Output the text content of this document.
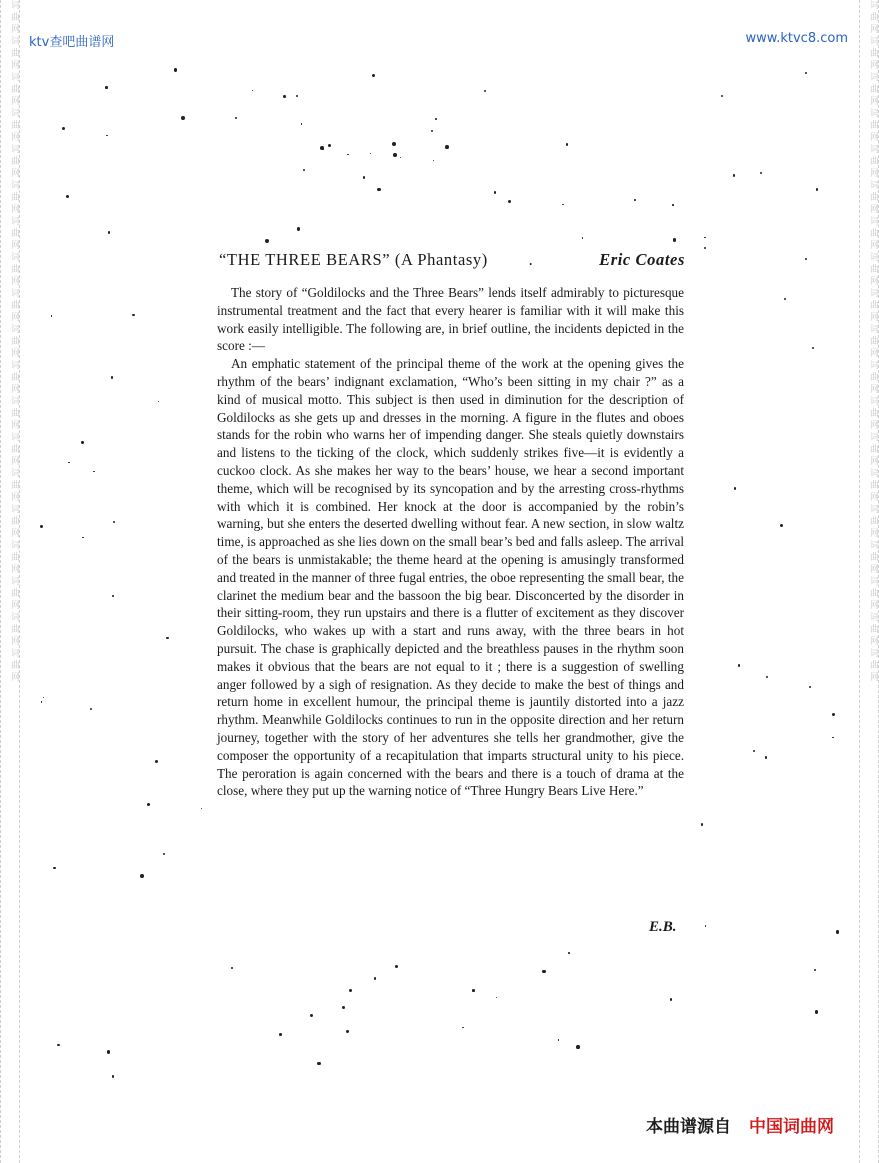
词曲网词曲网词曲网词曲网词曲网词曲网词曲网词曲网词曲网词曲网词曲网词曲网词曲网词曲网词曲网词曲网词曲网词曲网词曲网	词曲网词曲网词曲网词曲网词曲网词曲网词曲网词曲网词曲网词曲网词曲网词曲网词曲网词曲网词曲网词曲网词曲网词曲网词曲网
ktv查吧曲谱网	www.ktvc8.com
“THE THREE BEARS” (A Phantasy) .	Eric Coates

The story of “Goldilocks and the Three Bears” lends itself admirably to picturesque instrumental treatment and the fact that every hearer is familiar with it will make this work easily intelligible. The following are, in brief outline, the incidents depicted in the score :—

An emphatic statement of the principal theme of the work at the opening gives the rhythm of the bears’ indignant exclamation, “Who’s been sitting in my chair ?” as a kind of musical motto. This subject is then used in diminution for the description of Goldilocks as she gets up and dresses in the morning. A figure in the flutes and oboes stands for the robin who warns her of impending danger. She steals quietly downstairs and listens to the ticking of the clock, which suddenly strikes five—it is evidently a cuckoo clock. As she makes her way to the bears’ house, we hear a second important theme, which will be recognised by its syncopation and by the arresting cross-rhythms with which it is combined. Her knock at the door is accompanied by the robin’s warning, but she enters the deserted dwelling without fear. A new section, in slow waltz time, is approached as she lies down on the small bear’s bed and falls asleep. The arrival of the bears is unmistakable; the theme heard at the opening is amusingly transformed and treated in the manner of three fugal entries, the oboe representing the small bear, the clarinet the medium bear and the bassoon the big bear. Disconcerted by the disorder in their sitting-room, they run upstairs and there is a flutter of excitement as they discover Goldilocks, who wakes up with a start and runs away, with the three bears in hot pursuit. The chase is graphically depicted and the breathless pauses in the rhythm soon makes it obvious that the bears are not equal to it ; there is a suggestion of swelling anger followed by a sigh of resignation. As they decide to make the best of things and return home in excellent humour, the principal theme is jauntily distorted into a jazz rhythm. Meanwhile Goldilocks continues to run in the opposite direction and her return journey, together with the story of her adventures she tells her grandmother, give the composer the opportunity of a recapitulation that imparts structural unity to his piece. The peroration is again concerned with the bears and there is a touch of drama at the close, where they put up the warning notice of “Three Hungry Bears Live Here.”

E.B.
本曲谱源自 中国词曲网
